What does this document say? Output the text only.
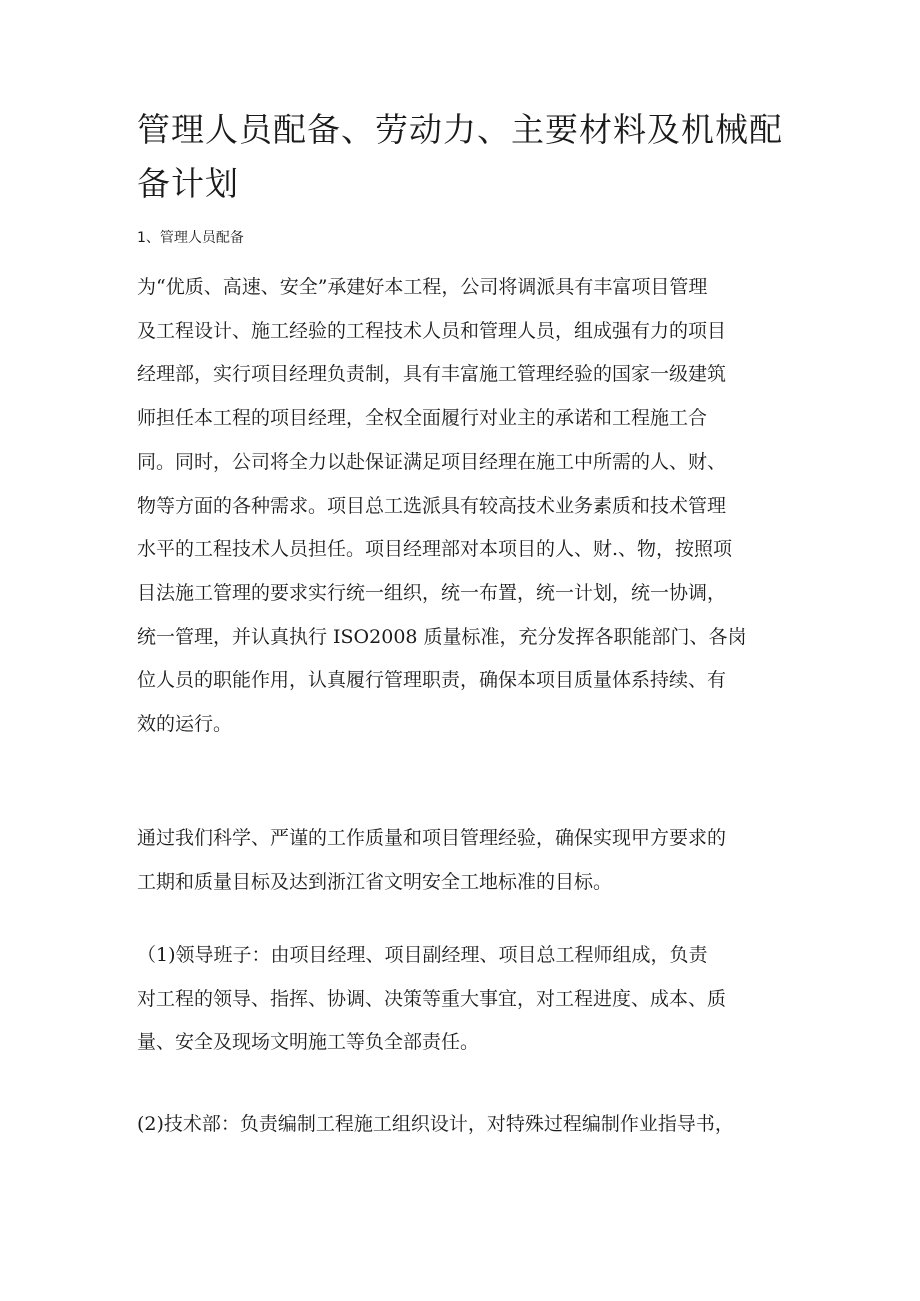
管理人员配备、劳动力、主要材料及机械配
备计划
1、管理人员配备

为“优质、高速、安全”承建好本工程，公司将调派具有丰富项目管理
及工程设计、施工经验的工程技术人员和管理人员，组成强有力的项目
经理部，实行项目经理负责制，具有丰富施工管理经验的国家一级建筑
师担任本工程的项目经理，全权全面履行对业主的承诺和工程施工合
同。同时，公司将全力以赴保证满足项目经理在施工中所需的人、财、
物等方面的各种需求。项目总工选派具有较高技术业务素质和技术管理
水平的工程技术人员担任。项目经理部对本项目的人、财.、物，按照项
目法施工管理的要求实行统一组织，统一布置，统一计划，统一协调，
统一管理，并认真执行 ISO2008 质量标准，充分发挥各职能部门、各岗
位人员的职能作用，认真履行管理职责，确保本项目质量体系持续、有
效的运行。

通过我们科学、严谨的工作质量和项目管理经验，确保实现甲方要求的
工期和质量目标及达到浙江省文明安全工地标准的目标。

（1)领导班子：由项目经理、项目副经理、项目总工程师组成，负责
对工程的领导、指挥、协调、决策等重大事宜，对工程进度、成本、质
量、安全及现场文明施工等负全部责任。

(2)技术部：负责编制工程施工组织设计，对特殊过程编制作业指导书，
